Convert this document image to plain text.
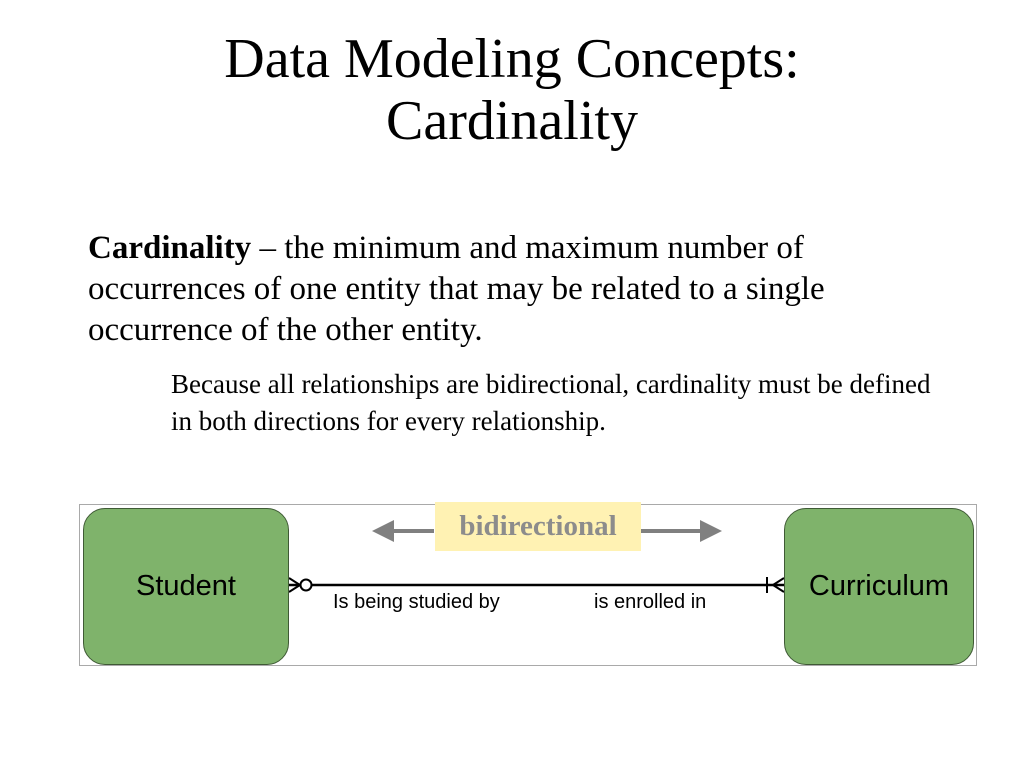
Data Modeling Concepts:
Cardinality

Cardinality – the minimum and maximum number of occurrences of one entity that may be related to a single occurrence of the other entity.

Because all relationships are bidirectional, cardinality must be defined in both directions for every relationship.

bidirectional
Student	Curriculum
Is being studied by	is enrolled in
